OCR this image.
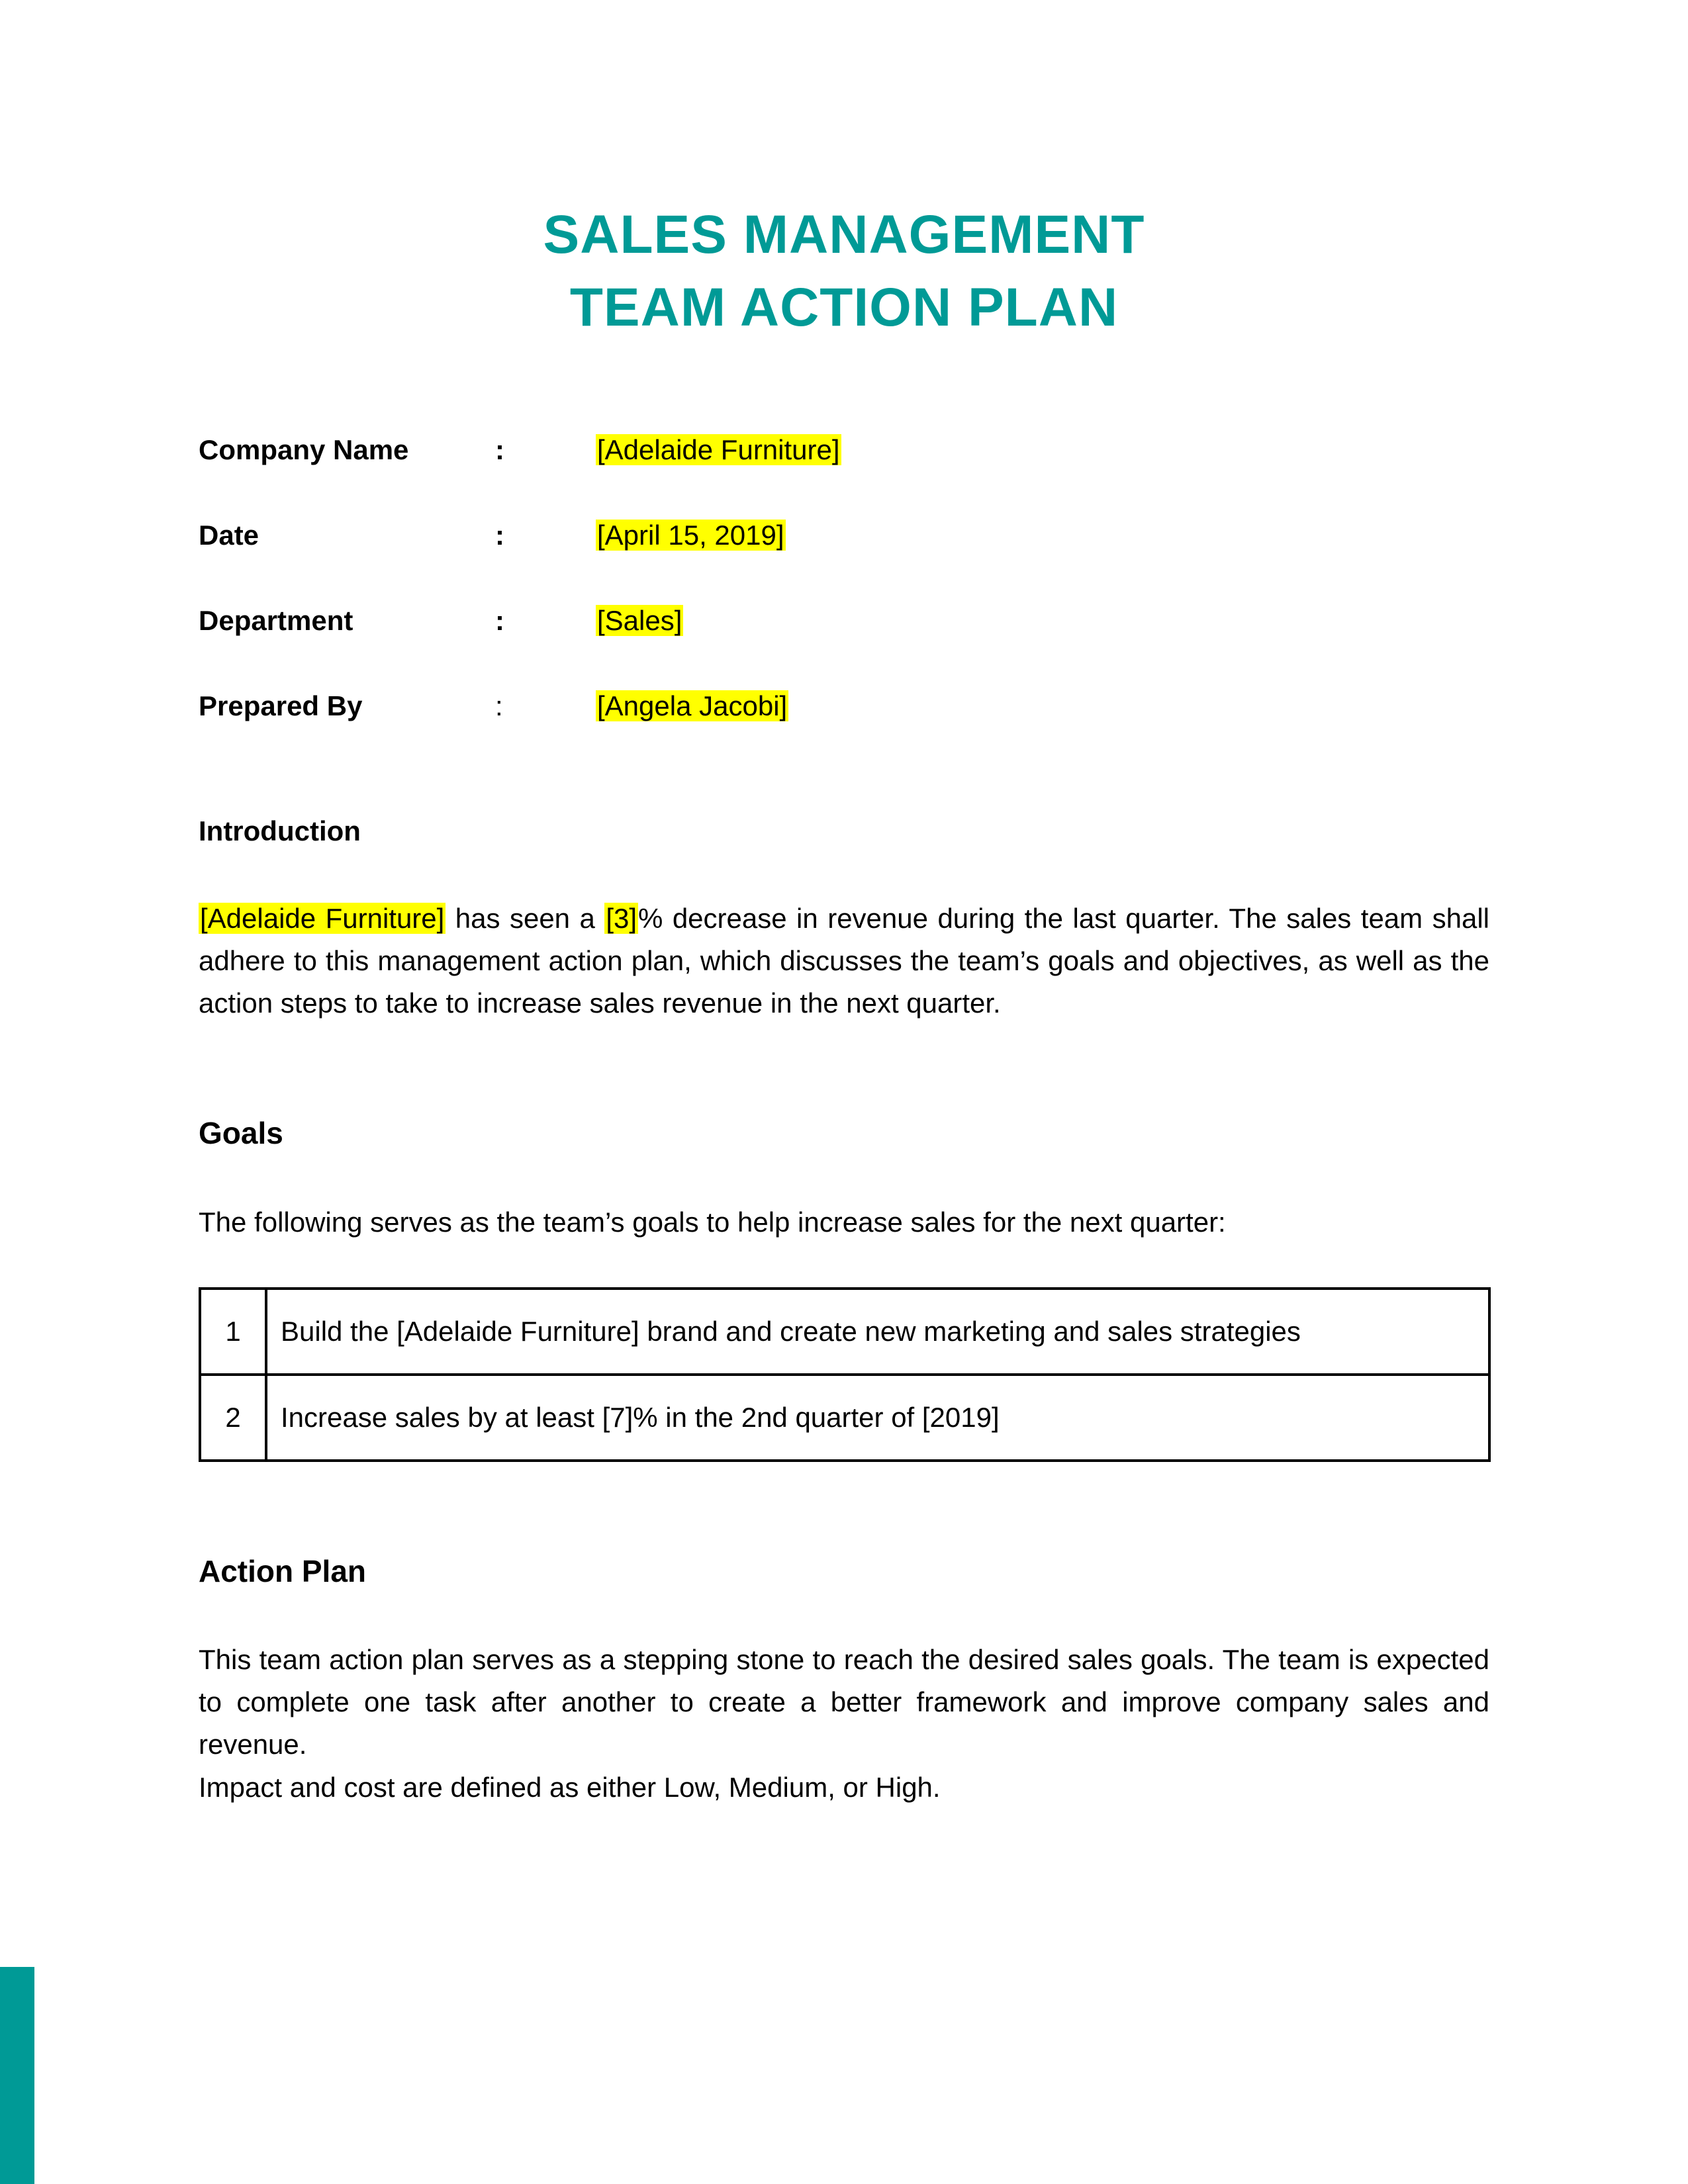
SALES MANAGEMENT
TEAM ACTION PLAN
Company Name	:	[Adelaide Furniture]
Date	:	[April 15, 2019]
Department	:	[Sales]
Prepared By	:	[Angela Jacobi]
Introduction

[Adelaide Furniture] has seen a [3]% decrease in revenue during the last quarter. The sales team shall adhere to this management action plan, which discusses the team’s goals and objectives, as well as the action steps to take to increase sales revenue in the next quarter.

Goals

The following serves as the team’s goals to help increase sales for the next quarter:

1	Build the [Adelaide Furniture] brand and create new marketing and sales strategies
2	Increase sales by at least [7]% in the 2nd quarter of [2019]
Action Plan

This team action plan serves as a stepping stone to reach the desired sales goals. The team is expected to complete one task after another to create a better framework and improve company sales and revenue.

Impact and cost are defined as either Low, Medium, or High.
